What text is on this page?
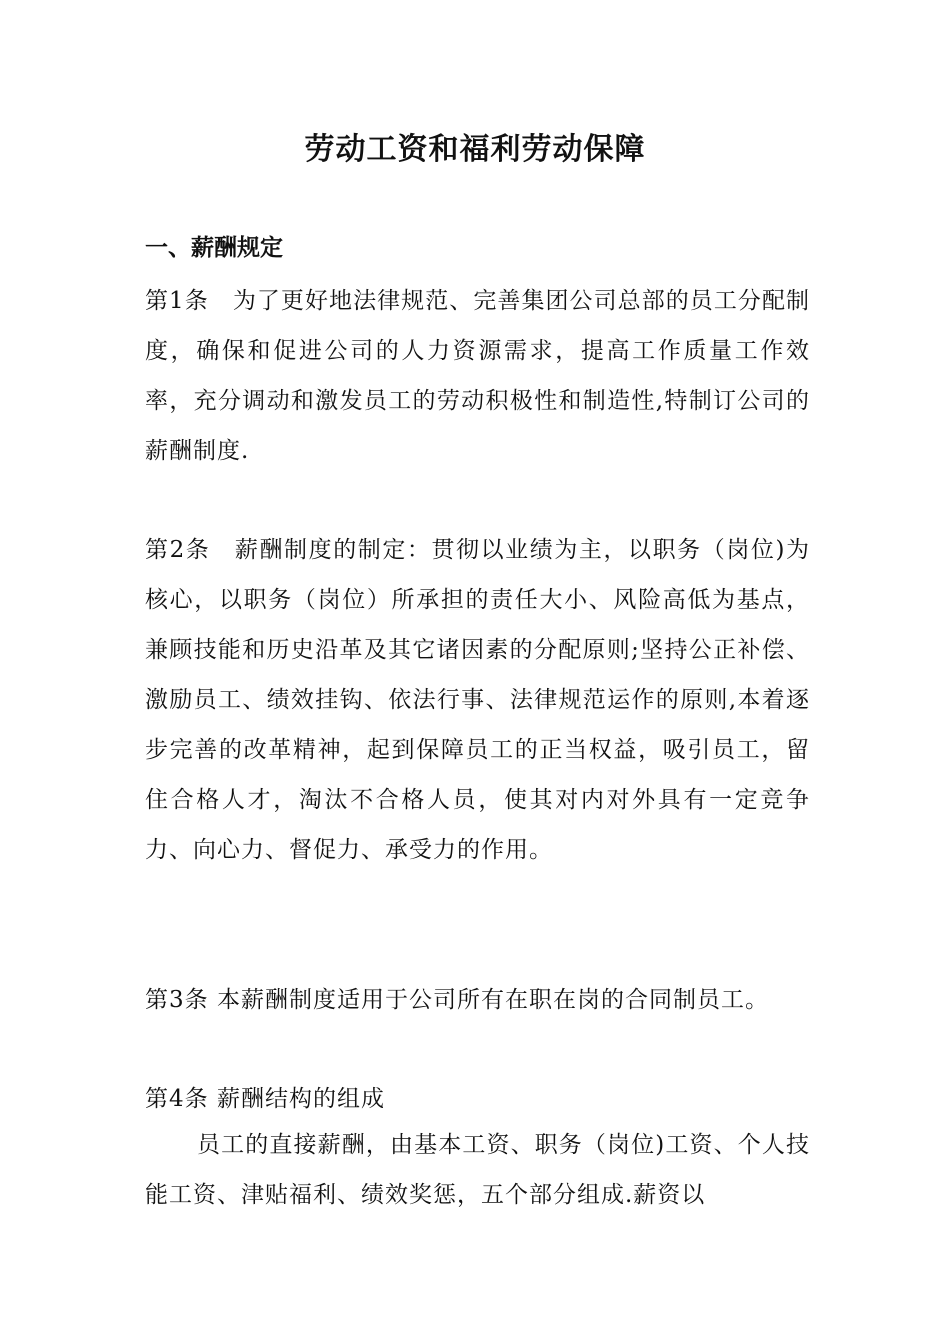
劳动工资和福利劳动保障
一、薪酬规定

第1条　为了更好地法律规范、完善集团公司总部的员工分配制度，确保和促进公司的人力资源需求，提高工作质量工作效率，充分调动和激发员工的劳动积极性和制造性,特制订公司的薪酬制度.

第2条　薪酬制度的制定：贯彻以业绩为主，以职务（岗位)为核心，以职务（岗位）所承担的责任大小、风险高低为基点，兼顾技能和历史沿革及其它诸因素的分配原则;坚持公正补偿、激励员工、绩效挂钩、依法行事、法律规范运作的原则,本着逐步完善的改革精神，起到保障员工的正当权益，吸引员工，留住合格人才，淘汰不合格人员，使其对内对外具有一定竞争力、向心力、督促力、承受力的作用。

第3条 本薪酬制度适用于公司所有在职在岗的合同制员工。

第4条 薪酬结构的组成

员工的直接薪酬，由基本工资、职务（岗位)工资、个人技能工资、津贴福利、绩效奖惩，五个部分组成.薪资以
